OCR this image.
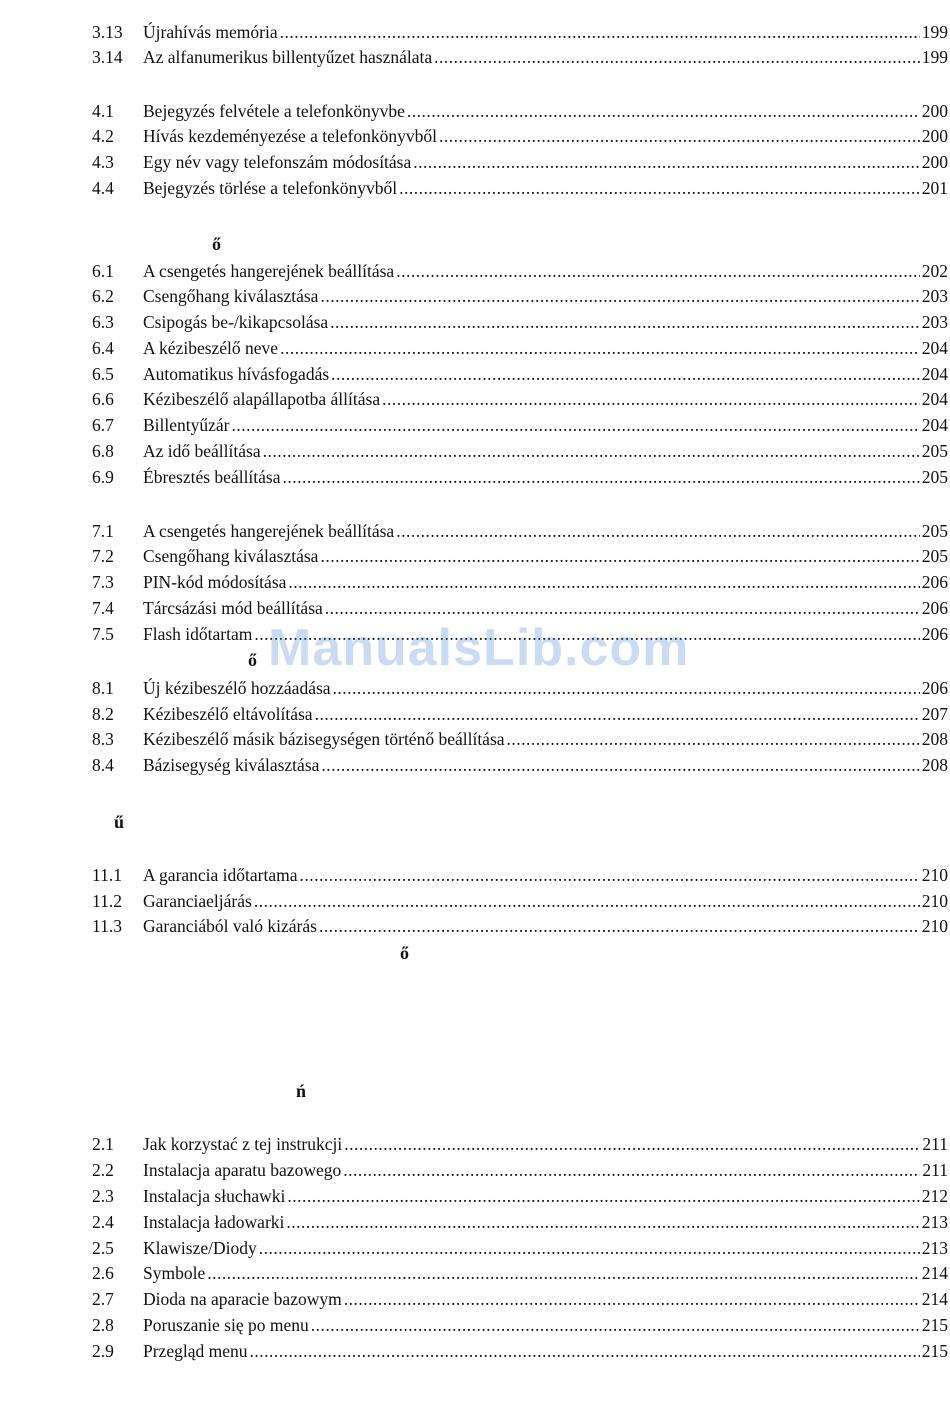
3.13	Újrahívás memória .....	199
3.14	Az alfanumerikus billentyűzet használata .....	199
4.1	Bejegyzés felvétele a telefonkönyvbe .....	200
4.2	Hívás kezdeményezése a telefonkönyvből .....	200
4.3	Egy név vagy telefonszám módosítása .....	200
4.4	Bejegyzés törlése a telefonkönyvből .....	201
6.1	A csengetés hangerejének beállítása .....	202
6.2	Csengőhang kiválasztása .....	203
6.3	Csipogás be-/kikapcsolása .....	203
6.4	A kézibeszélő neve .....	204
6.5	Automatikus hívásfogadás .....	204
6.6	Kézibeszélő alapállapotba állítása .....	204
6.7	Billentyűzár .....	204
6.8	Az idő beállítása .....	205
6.9	Ébresztés beállítása .....	205
7.1	A csengetés hangerejének beállítása .....	205
7.2	Csengőhang kiválasztása .....	205
7.3	PIN-kód módosítása .....	206
7.4	Tárcsázási mód beállítása .....	206
7.5	Flash időtartam .....	206
8.1	Új kézibeszélő hozzáadása .....	206
8.2	Kézibeszélő eltávolítása .....	207
8.3	Kézibeszélő másik bázisegységen történő beállítása .....	208
8.4	Bázisegység kiválasztása .....	208
11.1	A garancia időtartama .....	210
11.2	Garanciaeljárás .....	210
11.3	Garanciából való kizárás .....	210
2.1	Jak korzystać z tej instrukcji .....	211
2.2	Instalacja aparatu bazowego .....	211
2.3	Instalacja słuchawki .....	212
2.4	Instalacja ładowarki .....	213
2.5	Klawisze/Diody .....	213
2.6	Symbole .....	214
2.7	Dioda na aparacie bazowym .....	214
2.8	Poruszanie się po menu .....	215
2.9	Przegląd menu .....	215
ő
ő
ű
ő
ń
ManualsLib.com
